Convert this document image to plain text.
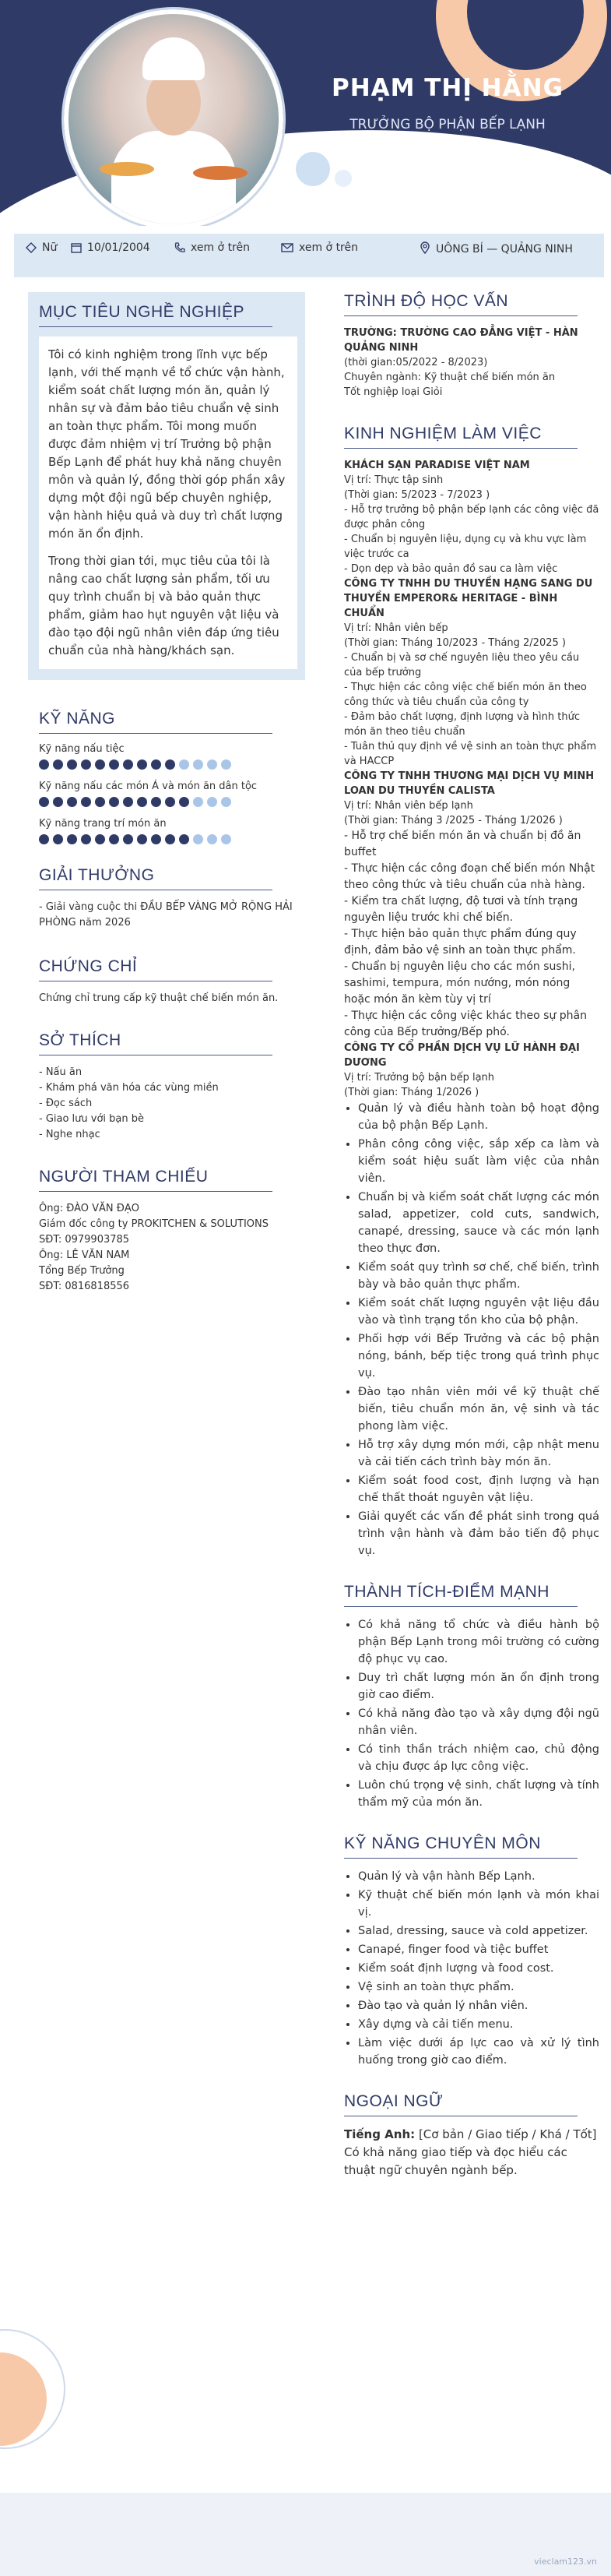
PHẠM THỊ HẰNG
TRƯỞNG BỘ PHẬN BẾP LẠNH
Nữ	10/01/2004	xem ở trên	xem ở trên	UÔNG BÍ — QUẢNG NINH
MỤC TIÊU NGHỀ NGHIỆP

Tôi có kinh nghiệm trong lĩnh vực bếp lạnh, với thế mạnh về tổ chức vận hành, kiểm soát chất lượng món ăn, quản lý nhân sự và đảm bảo tiêu chuẩn vệ sinh an toàn thực phẩm. Tôi mong muốn được đảm nhiệm vị trí Trưởng bộ phận Bếp Lạnh để phát huy khả năng chuyên môn và quản lý, đồng thời góp phần xây dựng một đội ngũ bếp chuyên nghiệp, vận hành hiệu quả và duy trì chất lượng món ăn ổn định.

Trong thời gian tới, mục tiêu của tôi là nâng cao chất lượng sản phẩm, tối ưu quy trình chuẩn bị và bảo quản thực phẩm, giảm hao hụt nguyên vật liệu và đào tạo đội ngũ nhân viên đáp ứng tiêu chuẩn của nhà hàng/khách sạn.

KỸ NĂNG
Kỹ năng nấu tiệc
Kỹ năng nấu các món Á và món ăn dân tộc
Kỹ năng trang trí món ăn
GIẢI THƯỞNG
- Giải vàng cuộc thi ĐẦU BẾP VÀNG MỞ RỘNG HẢI PHÒNG năm 2026
CHỨNG CHỈ
Chứng chỉ trung cấp kỹ thuật chế biến món ăn.
SỞ THÍCH
- Nấu ăn
- Khám phá văn hóa các vùng miền
- Đọc sách
- Giao lưu với bạn bè
- Nghe nhạc
NGƯỜI THAM CHIẾU
Ông: ĐÀO VĂN ĐẠO
Giám đốc công ty PROKITCHEN & SOLUTIONS
SĐT: 0979903785
Ông: LÊ VĂN NAM
Tổng Bếp Trưởng
SĐT: 0816818556
TRÌNH ĐỘ HỌC VẤN
TRƯỜNG: TRƯỜNG CAO ĐẲNG VIỆT - HÀN QUẢNG NINH
(thời gian:05/2022 - 8/2023)
Chuyên ngành: Kỹ thuật chế biến món ăn
Tốt nghiệp loại Giỏi
KINH NGHIỆM LÀM VIỆC
KHÁCH SẠN PARADISE VIỆT NAM
Vị trí: Thực tập sinh
(Thời gian: 5/2023 - 7/2023 )
- Hỗ trợ trưởng bộ phận bếp lạnh các công việc đã được phân công
- Chuẩn bị nguyên liệu, dụng cụ và khu vực làm việc trước ca
- Dọn dẹp và bảo quản đồ sau ca làm việc
CÔNG TY TNHH DU THUYỀN HẠNG SANG DU THUYỀN EMPEROR& HERITAGE - BÌNH CHUẨN
Vị trí: Nhân viên bếp
(Thời gian: Tháng 10/2023 - Tháng 2/2025 )
- Chuẩn bị và sơ chế nguyên liệu theo yêu cầu của bếp trưởng
- Thực hiện các công việc chế biến món ăn theo công thức và tiêu chuẩn của công ty
- Đảm bảo chất lượng, định lượng và hình thức món ăn theo tiêu chuẩn
- Tuân thủ quy định về vệ sinh an toàn thực phẩm và HACCP
CÔNG TY TNHH THƯƠNG MẠI DỊCH VỤ MINH LOAN DU THUYỀN CALISTA
Vị trí: Nhân viên bếp lạnh
(Thời gian: Tháng 3 /2025 - Tháng 1/2026 )
- Hỗ trợ chế biến món ăn và chuẩn bị đồ ăn buffet
- Thực hiện các công đoạn chế biến món Nhật theo công thức và tiêu chuẩn của nhà hàng.
- Kiểm tra chất lượng, độ tươi và tính trạng nguyên liệu trước khi chế biến.
- Thực hiện bảo quản thực phẩm đúng quy định, đảm bảo vệ sinh an toàn thực phẩm.
- Chuẩn bị nguyên liệu cho các món sushi, sashimi, tempura, món nướng, món nóng hoặc món ăn kèm tùy vị trí
- Thực hiện các công việc khác theo sự phân công của Bếp trưởng/Bếp phó.
CÔNG TY CỔ PHẦN DỊCH VỤ LỮ HÀNH ĐẠI DƯƠNG
Vị trí: Trưởng bộ bận bếp lạnh
(Thời gian: Tháng 1/2026 )
• Quản lý và điều hành toàn bộ hoạt động của bộ phận Bếp Lạnh.
• Phân công công việc, sắp xếp ca làm và kiểm soát hiệu suất làm việc của nhân viên.
• Chuẩn bị và kiểm soát chất lượng các món salad, appetizer, cold cuts, sandwich, canapé, dressing, sauce và các món lạnh theo thực đơn.
• Kiểm soát quy trình sơ chế, chế biến, trình bày và bảo quản thực phẩm.
• Kiểm soát chất lượng nguyên vật liệu đầu vào và tình trạng tồn kho của bộ phận.
• Phối hợp với Bếp Trưởng và các bộ phận nóng, bánh, bếp tiệc trong quá trình phục vụ.
• Đào tạo nhân viên mới về kỹ thuật chế biến, tiêu chuẩn món ăn, vệ sinh và tác phong làm việc.
• Hỗ trợ xây dựng món mới, cập nhật menu và cải tiến cách trình bày món ăn.
• Kiểm soát food cost, định lượng và hạn chế thất thoát nguyên vật liệu.
• Giải quyết các vấn đề phát sinh trong quá trình vận hành và đảm bảo tiến độ phục vụ.
THÀNH TÍCH-ĐIỂM MẠNH
• Có khả năng tổ chức và điều hành bộ phận Bếp Lạnh trong môi trường có cường độ phục vụ cao.
• Duy trì chất lượng món ăn ổn định trong giờ cao điểm.
• Có khả năng đào tạo và xây dựng đội ngũ nhân viên.
• Có tinh thần trách nhiệm cao, chủ động và chịu được áp lực công việc.
• Luôn chú trọng vệ sinh, chất lượng và tính thẩm mỹ của món ăn.
KỸ NĂNG CHUYÊN MÔN
• Quản lý và vận hành Bếp Lạnh.
• Kỹ thuật chế biến món lạnh và món khai vị.
• Salad, dressing, sauce và cold appetizer.
• Canapé, finger food và tiệc buffet
• Kiểm soát định lượng và food cost.
• Vệ sinh an toàn thực phẩm.
• Đào tạo và quản lý nhân viên.
• Xây dựng và cải tiến menu.
• Làm việc dưới áp lực cao và xử lý tình huống trong giờ cao điểm.
NGOẠI NGỮ
Tiếng Anh: [Cơ bản / Giao tiếp / Khá / Tốt]
Có khả năng giao tiếp và đọc hiểu các thuật ngữ chuyên ngành bếp.
vieclam123.vn
